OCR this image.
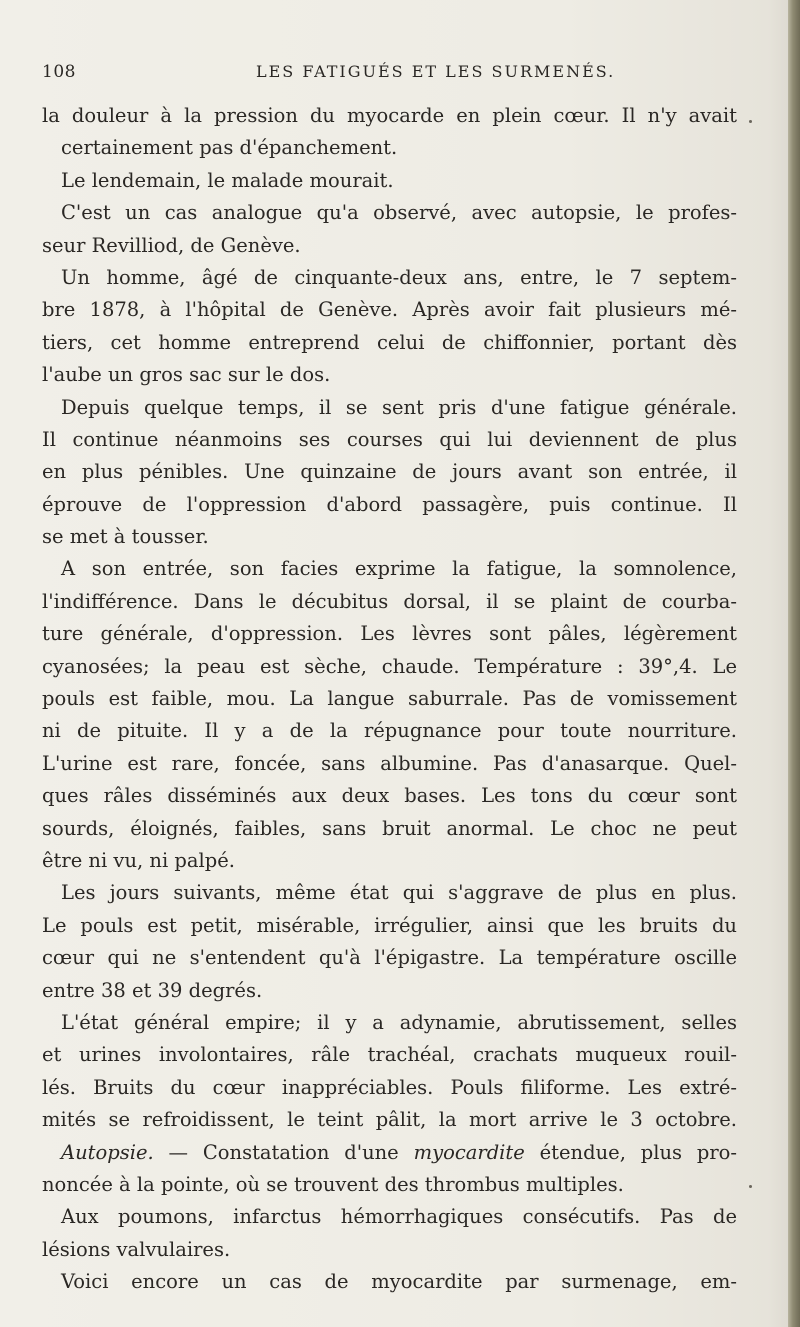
108	LES FATIGUÉS ET LES SURMENÉS.
la douleur à la pression du myocarde en plein cœur. Il n'y avait
certainement pas d'épanchement.
Le lendemain, le malade mourait.
C'est un cas analogue qu'a observé, avec autopsie, le profes-
seur Revilliod, de Genève.
Un homme, âgé de cinquante-deux ans, entre, le 7 septem-
bre 1878, à l'hôpital de Genève. Après avoir fait plusieurs mé-
tiers, cet homme entreprend celui de chiffonnier, portant dès
l'aube un gros sac sur le dos.
Depuis quelque temps, il se sent pris d'une fatigue générale.
Il continue néanmoins ses courses qui lui deviennent de plus
en plus pénibles. Une quinzaine de jours avant son entrée, il
éprouve de l'oppression d'abord passagère, puis continue. Il
se met à tousser.
A son entrée, son facies exprime la fatigue, la somnolence,
l'indifférence. Dans le décubitus dorsal, il se plaint de courba-
ture générale, d'oppression. Les lèvres sont pâles, légèrement
cyanosées; la peau est sèche, chaude. Température : 39°,4. Le
pouls est faible, mou. La langue saburrale. Pas de vomissement
ni de pituite. Il y a de la répugnance pour toute nourriture.
L'urine est rare, foncée, sans albumine. Pas d'anasarque. Quel-
ques râles disséminés aux deux bases. Les tons du cœur sont
sourds, éloignés, faibles, sans bruit anormal. Le choc ne peut
être ni vu, ni palpé.
Les jours suivants, même état qui s'aggrave de plus en plus.
Le pouls est petit, misérable, irrégulier, ainsi que les bruits du
cœur qui ne s'entendent qu'à l'épigastre. La température oscille
entre 38 et 39 degrés.
L'état général empire; il y a adynamie, abrutissement, selles
et urines involontaires, râle trachéal, crachats muqueux rouil-
lés. Bruits du cœur inappréciables. Pouls filiforme. Les extré-
mités se refroidissent, le teint pâlit, la mort arrive le 3 octobre.
Autopsie. — Constatation d'une myocardite étendue, plus pro-
noncée à la pointe, où se trouvent des thrombus multiples.
Aux poumons, infarctus hémorrhagiques consécutifs. Pas de
lésions valvulaires.
Voici encore un cas de myocardite par surmenage, em-
